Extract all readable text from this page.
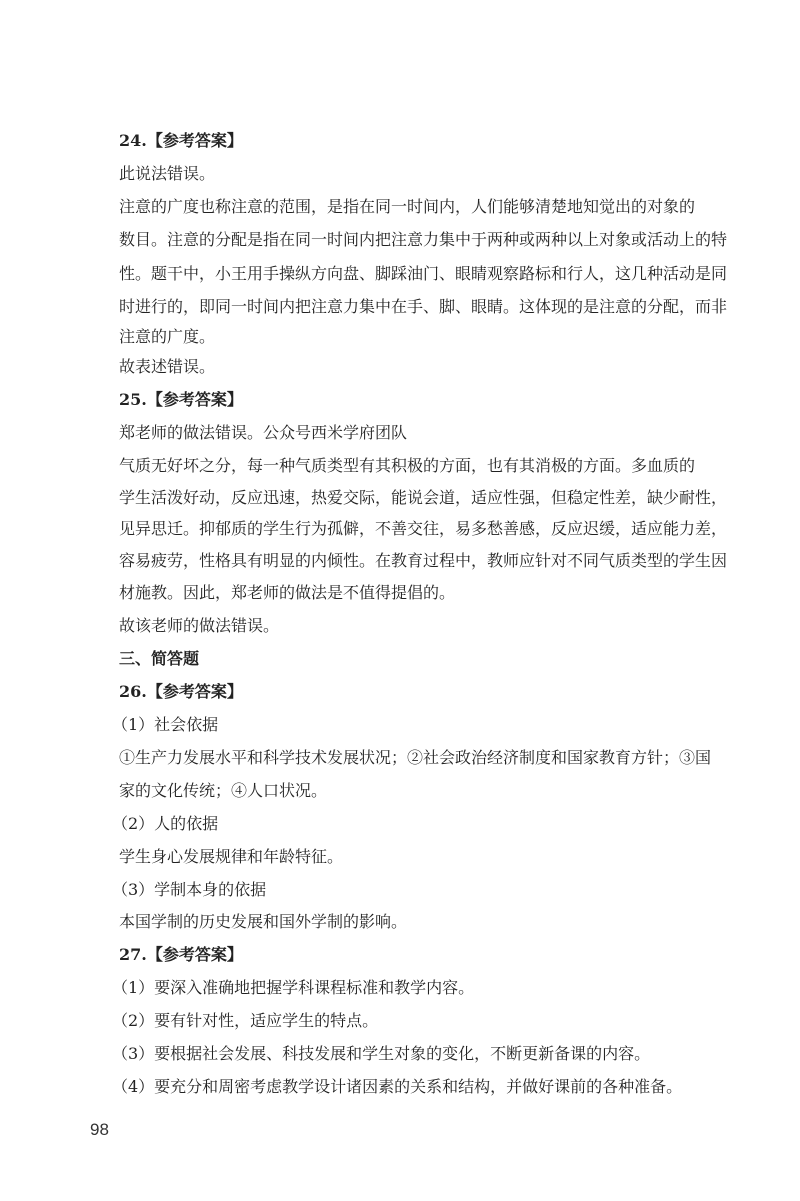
24.【参考答案】
此说法错误。
注意的广度也称注意的范围，是指在同一时间内，人们能够清楚地知觉出的对象的
数目。注意的分配是指在同一时间内把注意力集中于两种或两种以上对象或活动上的特
性。题干中，小王用手操纵方向盘、脚踩油门、眼睛观察路标和行人，这几种活动是同
时进行的，即同一时间内把注意力集中在手、脚、眼睛。这体现的是注意的分配，而非
注意的广度。
故表述错误。
25.【参考答案】
郑老师的做法错误。公众号西米学府团队
气质无好坏之分，每一种气质类型有其积极的方面，也有其消极的方面。多血质的
学生活泼好动，反应迅速，热爱交际，能说会道，适应性强，但稳定性差，缺少耐性，
见异思迁。抑郁质的学生行为孤僻，不善交往，易多愁善感，反应迟缓，适应能力差，
容易疲劳，性格具有明显的内倾性。在教育过程中，教师应针对不同气质类型的学生因
材施教。因此，郑老师的做法是不值得提倡的。
故该老师的做法错误。
三、简答题
26.【参考答案】
（1）社会依据
①生产力发展水平和科学技术发展状况；②社会政治经济制度和国家教育方针；③国
家的文化传统；④人口状况。
（2）人的依据
学生身心发展规律和年龄特征。
（3）学制本身的依据
本国学制的历史发展和国外学制的影响。
27.【参考答案】
（1）要深入准确地把握学科课程标准和教学内容。
（2）要有针对性，适应学生的特点。
（3）要根据社会发展、科技发展和学生对象的变化，不断更新备课的内容。
（4）要充分和周密考虑教学设计诸因素的关系和结构，并做好课前的各种准备。
98
